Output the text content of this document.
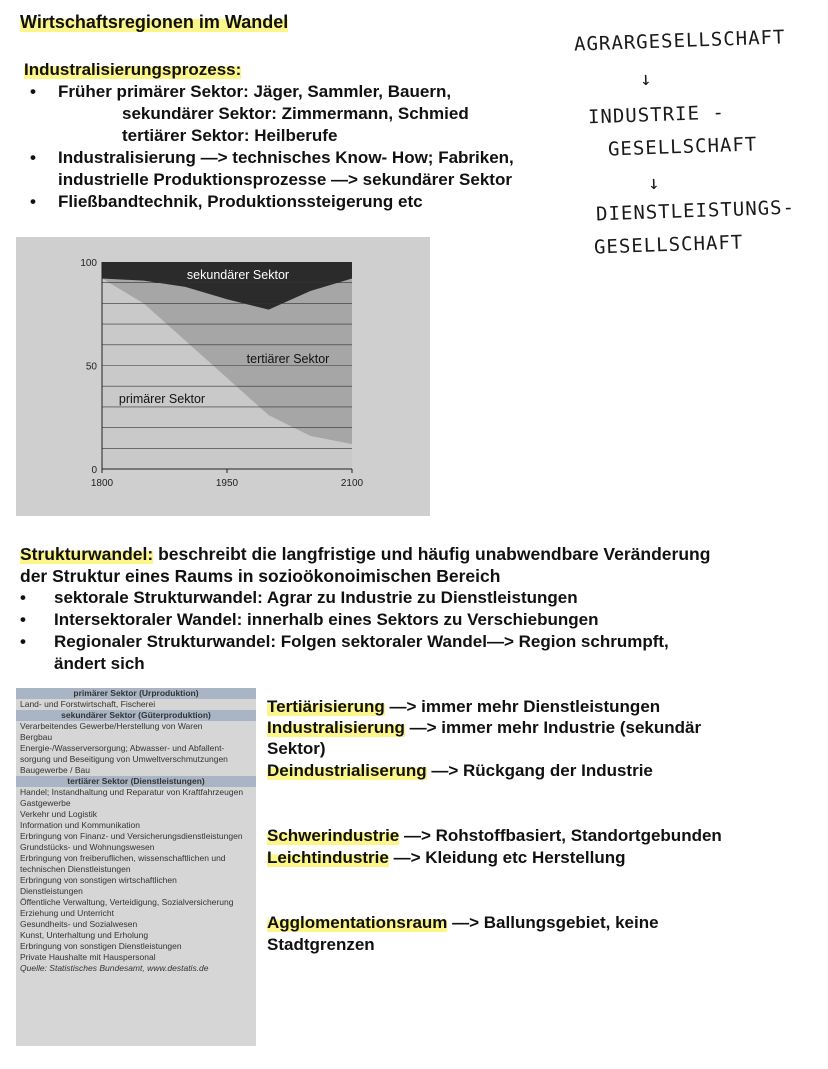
Wirtschaftsregionen im Wandel
Industralisierungsprozess:
• Früher primärer Sektor: Jäger, Sammler, Bauern,
sekundärer Sektor: Zimmermann, Schmied
tertiärer Sektor: Heilberufe
• Industralisierung —> technisches Know- How; Fabriken,
industrielle Produktionsprozesse —> sekundärer Sektor
• Fließbandtechnik, Produktionssteigerung etc
AGRARGESELLSCHAFT
↓
INDUSTRIE -
GESELLSCHAFT
↓
DIENSTLEISTUNGS-
GESELLSCHAFT
100
50
0
1800	1950	2100
sekundärer Sektor
tertiärer Sektor
primärer Sektor
Strukturwandel: beschreibt die langfristige und häufig unabwendbare Veränderung
der Struktur eines Raums in sozioökonoimischen Bereich
• sektorale Strukturwandel: Agrar zu Industrie zu Dienstleistungen
• Intersektoraler Wandel: innerhalb eines Sektors zu Verschiebungen
• Regionaler Strukturwandel: Folgen sektoraler Wandel—> Region schrumpft,
ändert sich
primärer Sektor (Urproduktion)
Land- und Forstwirtschaft, Fischerei
sekundärer Sektor (Güterproduktion)
Verarbeitendes Gewerbe/Herstellung von Waren
Bergbau
Energie-/Wasserversorgung; Abwasser- und Abfallent-
sorgung und Beseitigung von Umweltverschmutzungen
Baugewerbe / Bau
tertiärer Sektor (Dienstleistungen)
Handel; Instandhaltung und Reparatur von Kraftfahrzeugen
Gastgewerbe
Verkehr und Logistik
Information und Kommunikation
Erbringung von Finanz- und Versicherungsdienstleistungen
Grundstücks- und Wohnungswesen
Erbringung von freiberuflichen, wissenschaftlichen und
technischen Dienstleistungen
Erbringung von sonstigen wirtschaftlichen
Dienstleistungen
Öffentliche Verwaltung, Verteidigung, Sozialversicherung
Erziehung und Unterricht
Gesundheits- und Sozialwesen
Kunst, Unterhaltung und Erholung
Erbringung von sonstigen Dienstleistungen
Private Haushalte mit Hauspersonal
Quelle: Statistisches Bundesamt, www.destatis.de
Tertiärisierung —> immer mehr Dienstleistungen
Industralisierung —> immer mehr Industrie (sekundär
Sektor)
Deindustrialiserung —> Rückgang der Industrie
Schwerindustrie —> Rohstoffbasiert, Standortgebunden
Leichtindustrie —> Kleidung etc Herstellung
Agglomentationsraum —> Ballungsgebiet, keine
Stadtgrenzen
